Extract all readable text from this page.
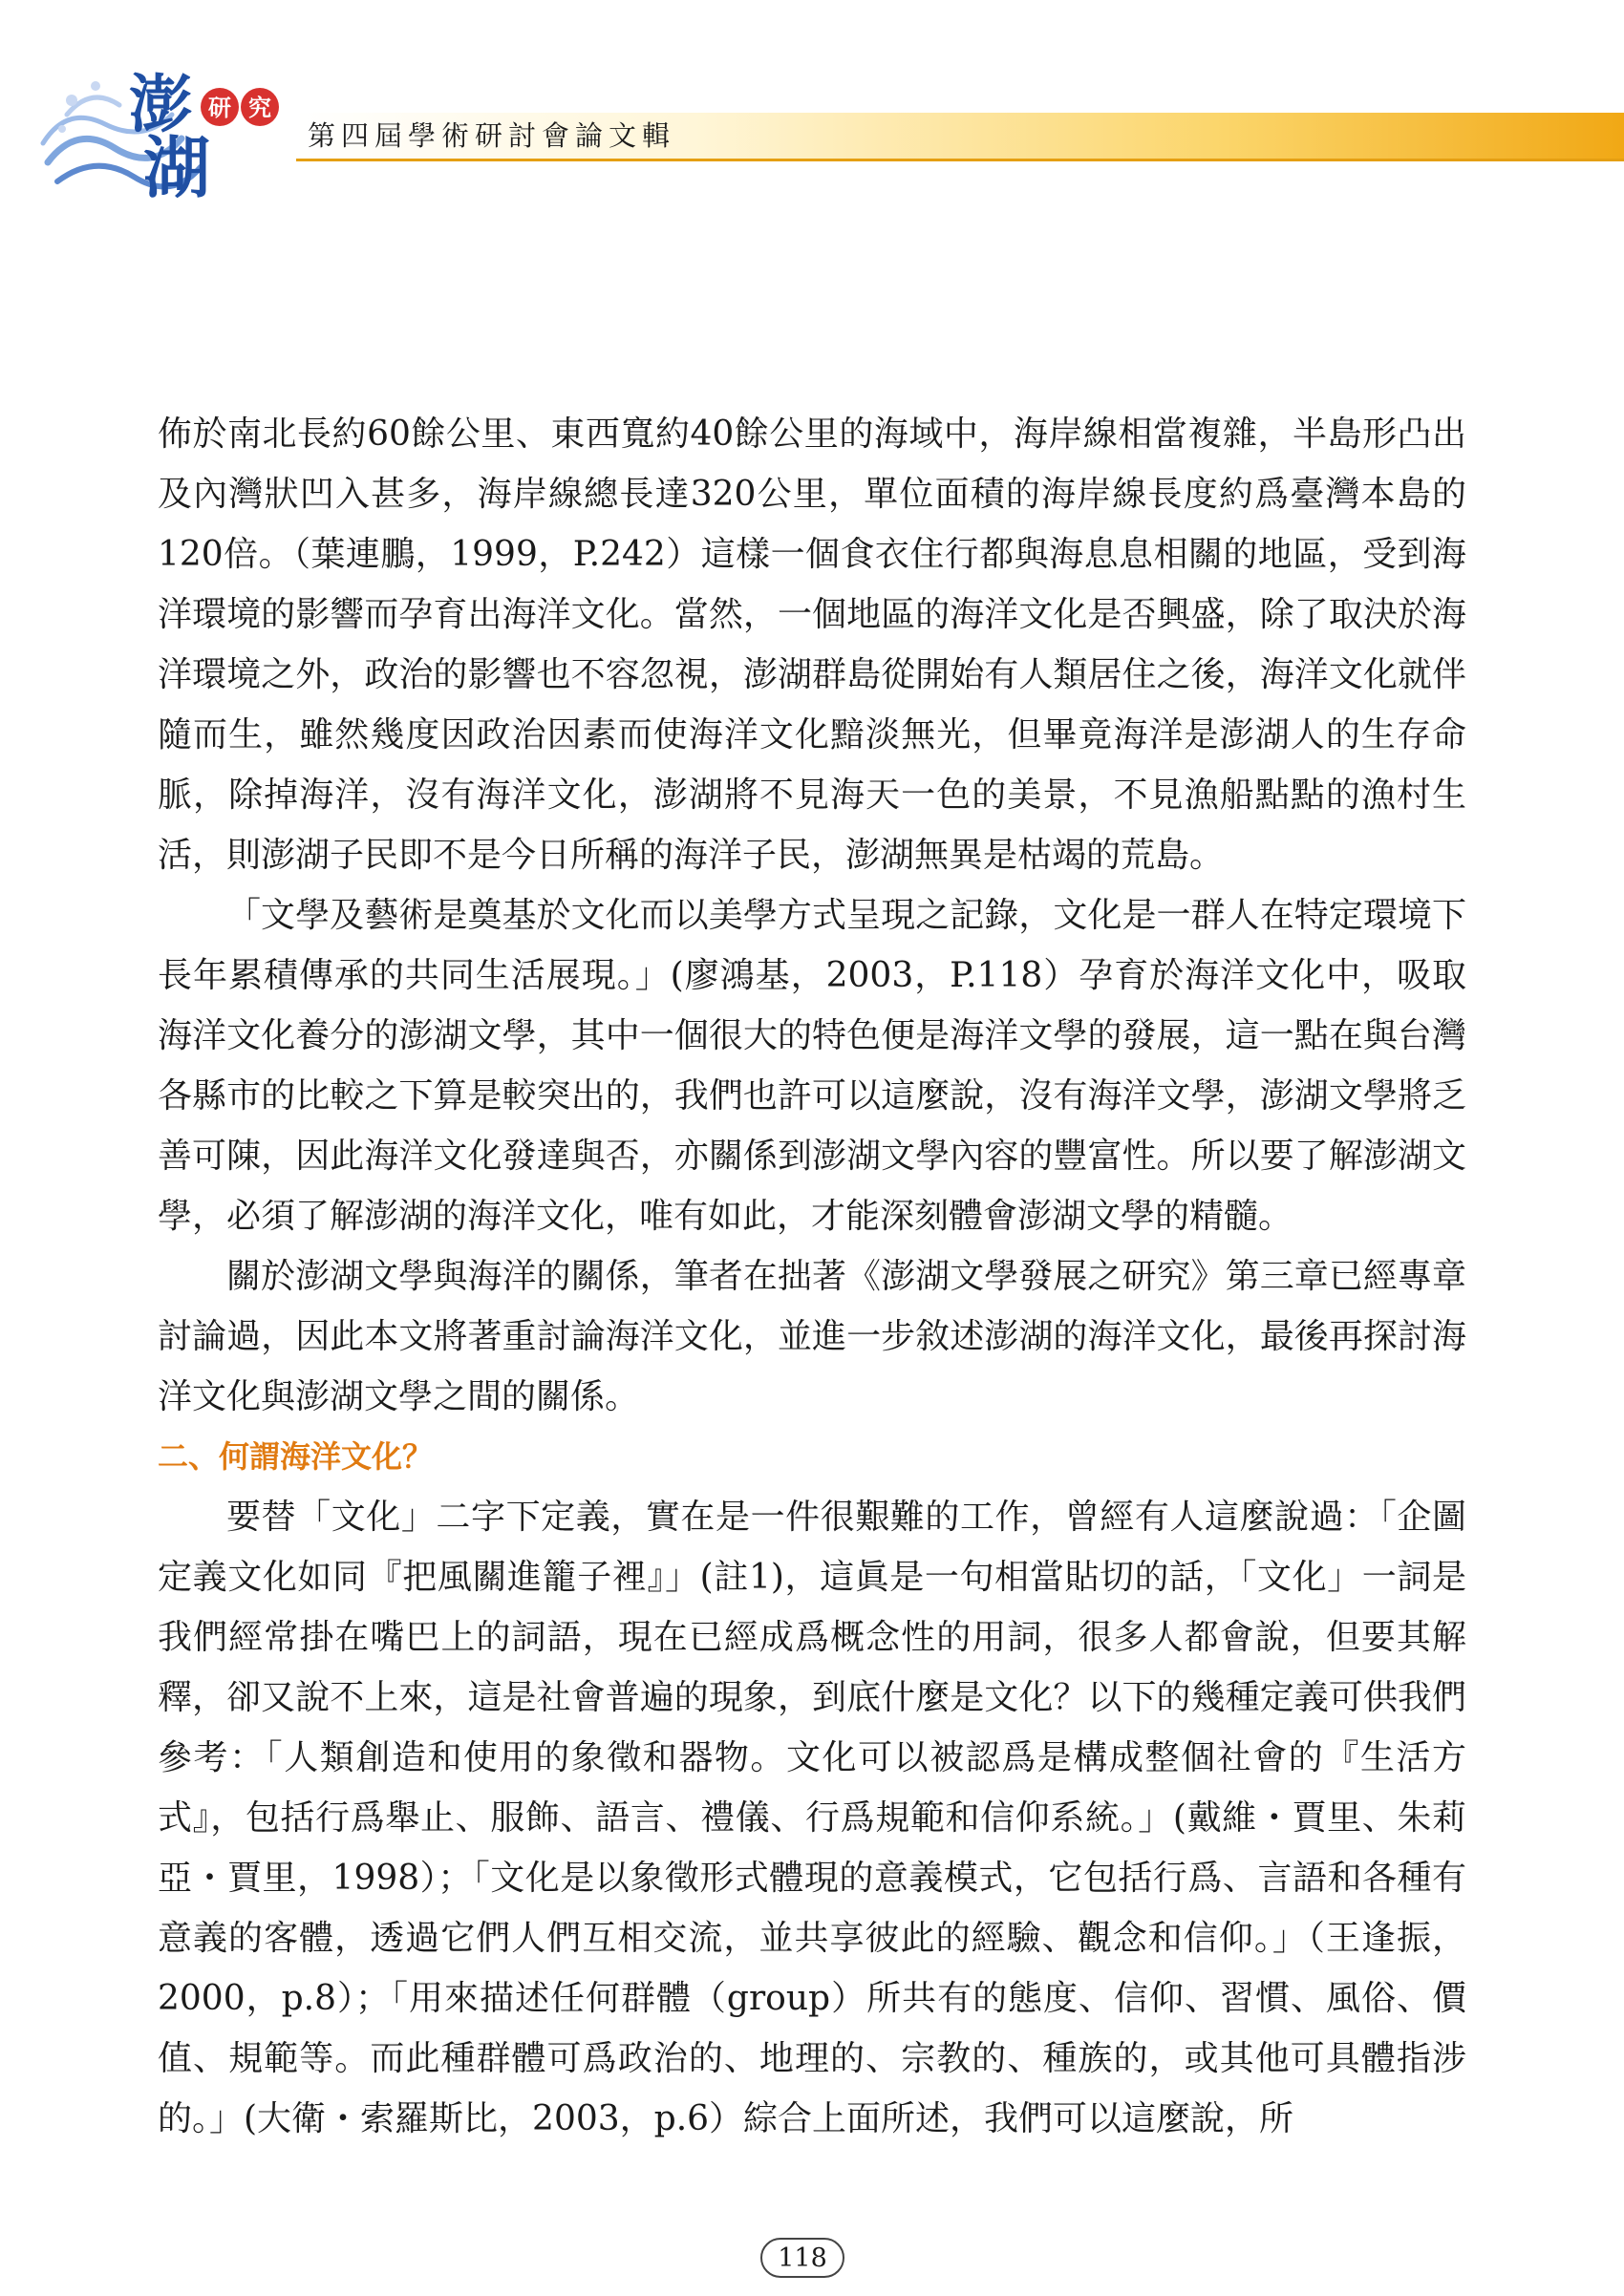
澎
湖
研 究
第四屆學術研討會論文輯

佈於南北長約60餘公里、東西寬約40餘公里的海域中，海岸線相當複雜，半島形凸出及內灣狀凹入甚多，海岸線總長達320公里，單位面積的海岸線長度約爲臺灣本島的120倍。（葉連鵬，1999，P.242）這樣一個食衣住行都與海息息相關的地區，受到海洋環境的影響而孕育出海洋文化。當然，一個地區的海洋文化是否興盛，除了取決於海洋環境之外，政治的影響也不容忽視，澎湖群島從開始有人類居住之後，海洋文化就伴隨而生，雖然幾度因政治因素而使海洋文化黯淡無光，但畢竟海洋是澎湖人的生存命脈，除掉海洋，沒有海洋文化，澎湖將不見海天一色的美景，不見漁船點點的漁村生活，則澎湖子民即不是今日所稱的海洋子民，澎湖無異是枯竭的荒島。

「文學及藝術是奠基於文化而以美學方式呈現之記錄，文化是一群人在特定環境下長年累積傳承的共同生活展現。」(廖鴻基，2003，P.118）孕育於海洋文化中，吸取海洋文化養分的澎湖文學，其中一個很大的特色便是海洋文學的發展，這一點在與台灣各縣市的比較之下算是較突出的，我們也許可以這麼說，沒有海洋文學，澎湖文學將乏善可陳，因此海洋文化發達與否，亦關係到澎湖文學內容的豐富性。所以要了解澎湖文學，必須了解澎湖的海洋文化，唯有如此，才能深刻體會澎湖文學的精髓。

關於澎湖文學與海洋的關係，筆者在拙著《澎湖文學發展之研究》第三章已經專章討論過，因此本文將著重討論海洋文化，並進一步敘述澎湖的海洋文化，最後再探討海洋文化與澎湖文學之間的關係。

二、何謂海洋文化？

要替「文化」二字下定義，實在是一件很艱難的工作，曾經有人這麼說過：「企圖定義文化如同『把風關進籠子裡』」(註1)，這眞是一句相當貼切的話，「文化」一詞是我們經常掛在嘴巴上的詞語，現在已經成爲概念性的用詞，很多人都會說，但要其解釋，卻又說不上來，這是社會普遍的現象，到底什麼是文化？以下的幾種定義可供我們參考：「人類創造和使用的象徵和器物。文化可以被認爲是構成整個社會的『生活方式』，包括行爲舉止、服飾、語言、禮儀、行爲規範和信仰系統。」(戴維・賈里、朱莉亞・賈里，1998）；「文化是以象徵形式體現的意義模式，它包括行爲、言語和各種有意義的客體，透過它們人們互相交流，並共享彼此的經驗、觀念和信仰。」（王逢振，2000，p.8）；「用來描述任何群體（group）所共有的態度、信仰、習慣、風俗、價值、規範等。而此種群體可爲政治的、地理的、宗教的、種族的，或其他可具體指涉的。」(大衛・索羅斯比，2003，p.6）綜合上面所述，我們可以這麼說，所

118
